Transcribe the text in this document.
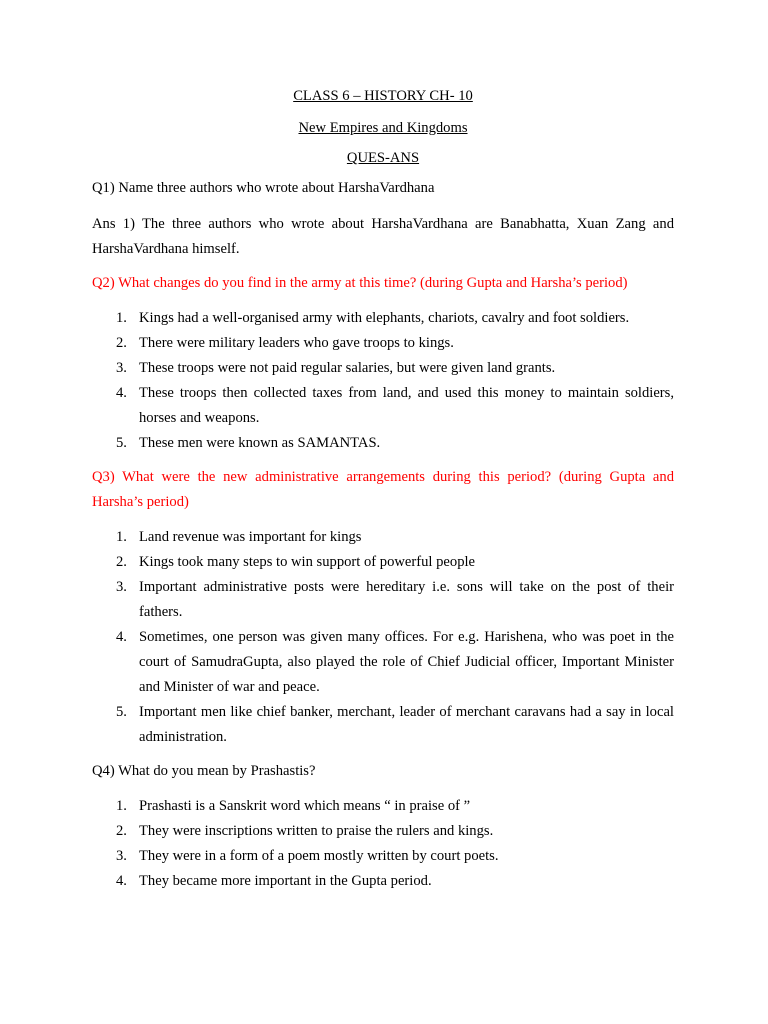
CLASS 6 – HISTORY CH- 10

New Empires and Kingdoms

QUES-ANS

Q1) Name three authors who wrote about HarshaVardhana

Ans 1) The three authors who wrote about HarshaVardhana are Banabhatta, Xuan Zang and HarshaVardhana himself.

Q2) What changes do you find in the army at this time? (during Gupta and Harsha’s period)

1. Kings had a well-organised army with elephants, chariots, cavalry and foot soldiers.
2. There were military leaders who gave troops to kings.
3. These troops were not paid regular salaries, but were given land grants.
4. These troops then collected taxes from land, and used this money to maintain soldiers, horses and weapons.
5. These men were known as SAMANTAS.

Q3) What were the new administrative arrangements during this period? (during Gupta and Harsha’s period)

1. Land revenue was important for kings
2. Kings took many steps to win support of powerful people
3. Important administrative posts were hereditary i.e. sons will take on the post of their fathers.
4. Sometimes, one person was given many offices. For e.g. Harishena, who was poet in the court of SamudraGupta, also played the role of Chief Judicial officer, Important Minister and Minister of war and peace.
5. Important men like chief banker, merchant, leader of merchant caravans had a say in local administration.

Q4) What do you mean by Prashastis?

1. Prashasti is a Sanskrit word which means “ in praise of ”
2. They were inscriptions written to praise the rulers and kings.
3. They were in a form of a poem mostly written by court poets.
4. They became more important in the Gupta period.
